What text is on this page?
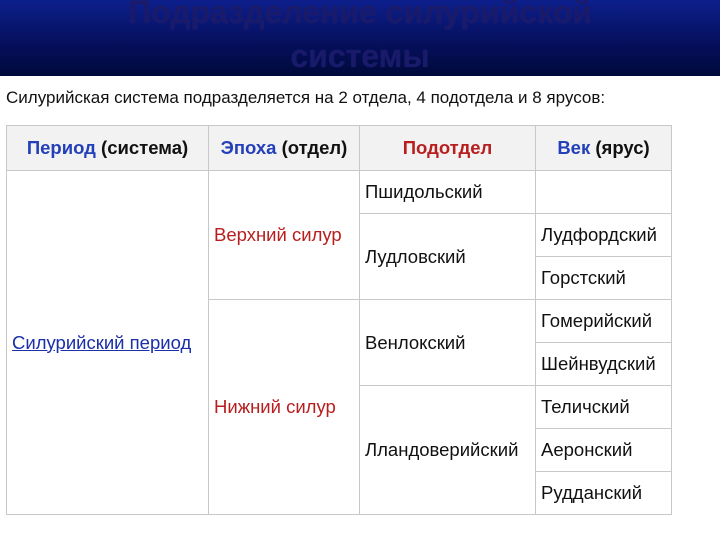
Подразделение силурийской
системы
Силурийская система подразделяется на 2 отдела, 4 подотдела и 8 ярусов:
Период (система)	Эпоха (отдел)	Подотдел	Век (ярус)
Силурийский период	Верхний силур	Пшидольский	
		Лудловский	Лудфордский
			Горстский
	Нижний силур	Венлокский	Гомерийский
			Шейнвудский
		Лландоверийский	Теличский
			Аеронский
			Рудданский
